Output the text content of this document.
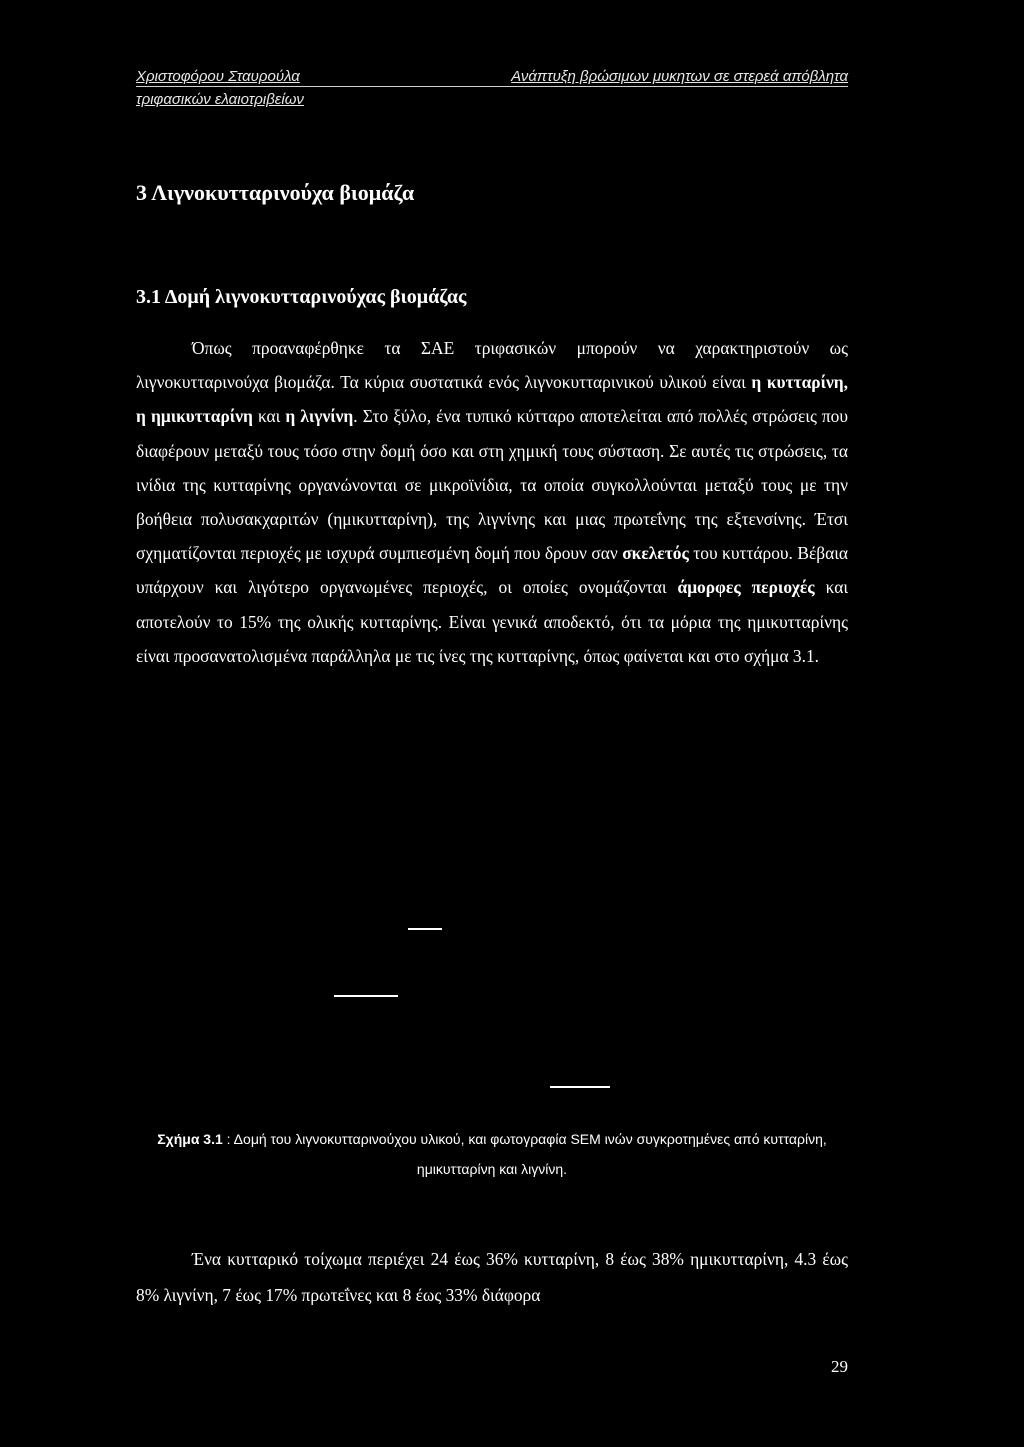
Χριστοφόρου Σταυρούλα
τριφασικών ελαιοτριβείων
Ανάπτυξη βρώσιμων μυκητων σε στερεά απόβλητα
3 Λιγνοκυτταρινούχα βιομάζα
3.1 Δομή λιγνοκυτταρινούχας βιομάζας

Όπως προαναφέρθηκε τα ΣΑΕ τριφασικών μπορούν να χαρακτηριστούν ως λιγνοκυτταρινούχα βιομάζα. Τα κύρια συστατικά ενός λιγνοκυτταρινικού υλικού είναι η κυτταρίνη, η ημικυτταρίνη και η λιγνίνη. Στο ξύλο, ένα τυπικό κύτταρο αποτελείται από πολλές στρώσεις που διαφέρουν μεταξύ τους τόσο στην δομή όσο και στη χημική τους σύσταση. Σε αυτές τις στρώσεις, τα ινίδια της κυτταρίνης οργανώνονται σε μικροϊνίδια, τα οποία συγκολλούνται μεταξύ τους με την βοήθεια πολυσακχαριτών (ημικυτταρίνη), της λιγνίνης και μιας πρωτεΐνης της εξτενσίνης. Έτσι σχηματίζονται περιοχές με ισχυρά συμπιεσμένη δομή που δρουν σαν σκελετός του κυττάρου. Βέβαια υπάρχουν και λιγότερο οργανωμένες περιοχές, οι οποίες ονομάζονται άμορφες περιοχές και αποτελούν το 15% της ολικής κυτταρίνης. Είναι γενικά αποδεκτό, ότι τα μόρια της ημικυτταρίνης είναι προσανατολισμένα παράλληλα με τις ίνες της κυτταρίνης, όπως φαίνεται και στο σχήμα 3.1.

Σχήμα 3.1 : Δομή του λιγνοκυτταρινούχου υλικού, και φωτογραφία SEM ινών συγκροτημένες από κυτταρίνη, ημικυτταρίνη και λιγνίνη.

Ένα κυτταρικό τοίχωμα περιέχει 24 έως 36% κυτταρίνη, 8 έως 38% ημικυτταρίνη, 4.3 έως 8% λιγνίνη, 7 έως 17% πρωτεΐνες και 8 έως 33% διάφορα

29
